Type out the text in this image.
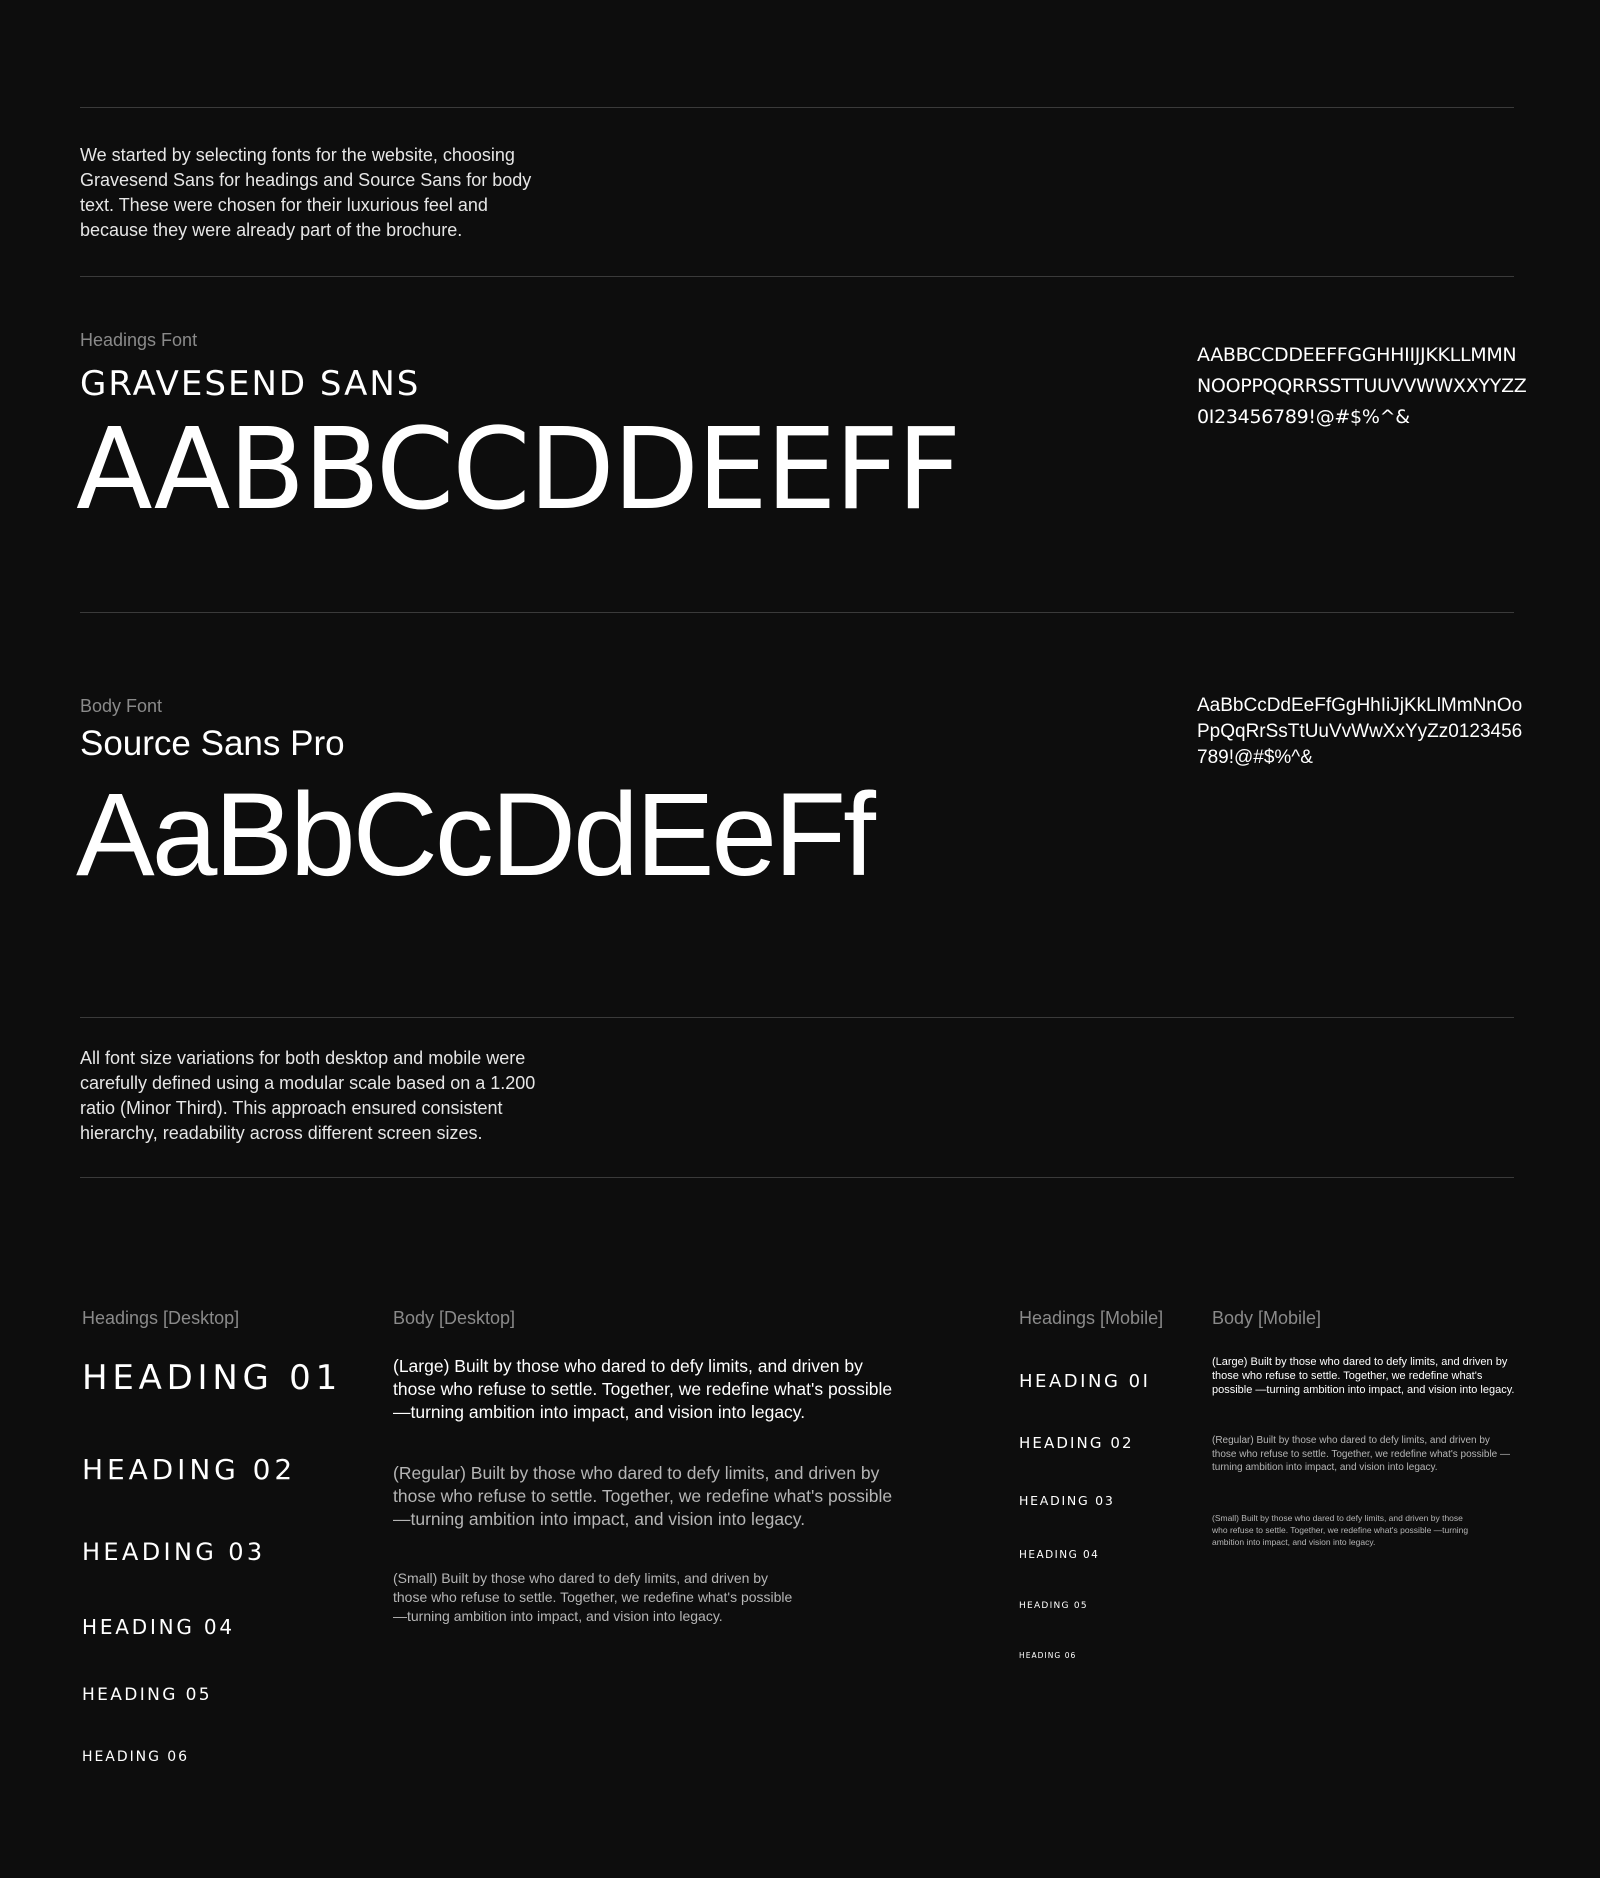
We started by selecting fonts for the website, choosing Gravesend Sans for headings and Source Sans for body text. These were chosen for their luxurious feel and because they were already part of the brochure.
Headings Font
GRAVESEND SANS
AABBCCDDEEFF
AABBCCDDEEFFGGHHIIJJKKLLMMNNOOPPQQRRSSTTUUVVWWXXYYZZ0I23456789!@#$%^&
Body Font
Source Sans Pro
AaBbCcDdEeFf
AaBbCcDdEeFfGgHhIiJjKkLlMmNnOoPpQqRrSsTtUuVvWwXxYyZz0123456789!@#$%^&
All font size variations for both desktop and mobile were carefully defined using a modular scale based on a 1.200 ratio (Minor Third). This approach ensured consistent hierarchy, readability across different screen sizes.
Headings [Desktop]
HEADING 01
HEADING 02
HEADING 03
HEADING 04
HEADING 05
HEADING 06
Body [Desktop]
(Large) Built by those who dared to defy limits, and driven by those who refuse to settle. Together, we redefine what's possible—turning ambition into impact, and vision into legacy.
(Regular) Built by those who dared to defy limits, and driven by those who refuse to settle. Together, we redefine what's possible—turning ambition into impact, and vision into legacy.
(Small) Built by those who dared to defy limits, and driven by those who refuse to settle. Together, we redefine what's possible—turning ambition into impact, and vision into legacy.
Headings [Mobile]
HEADING 0I
HEADING 02
HEADING 03
HEADING 04
HEADING 05
HEADING 06
Body [Mobile]
(Large) Built by those who dared to defy limits, and driven by those who refuse to settle. Together, we redefine what's possible —turning ambition into impact, and vision into legacy.
(Regular) Built by those who dared to defy limits, and driven by those who refuse to settle. Together, we redefine what's possible —turning ambition into impact, and vision into legacy.
(Small) Built by those who dared to defy limits, and driven by those who refuse to settle. Together, we redefine what's possible —turning ambition into impact, and vision into legacy.
